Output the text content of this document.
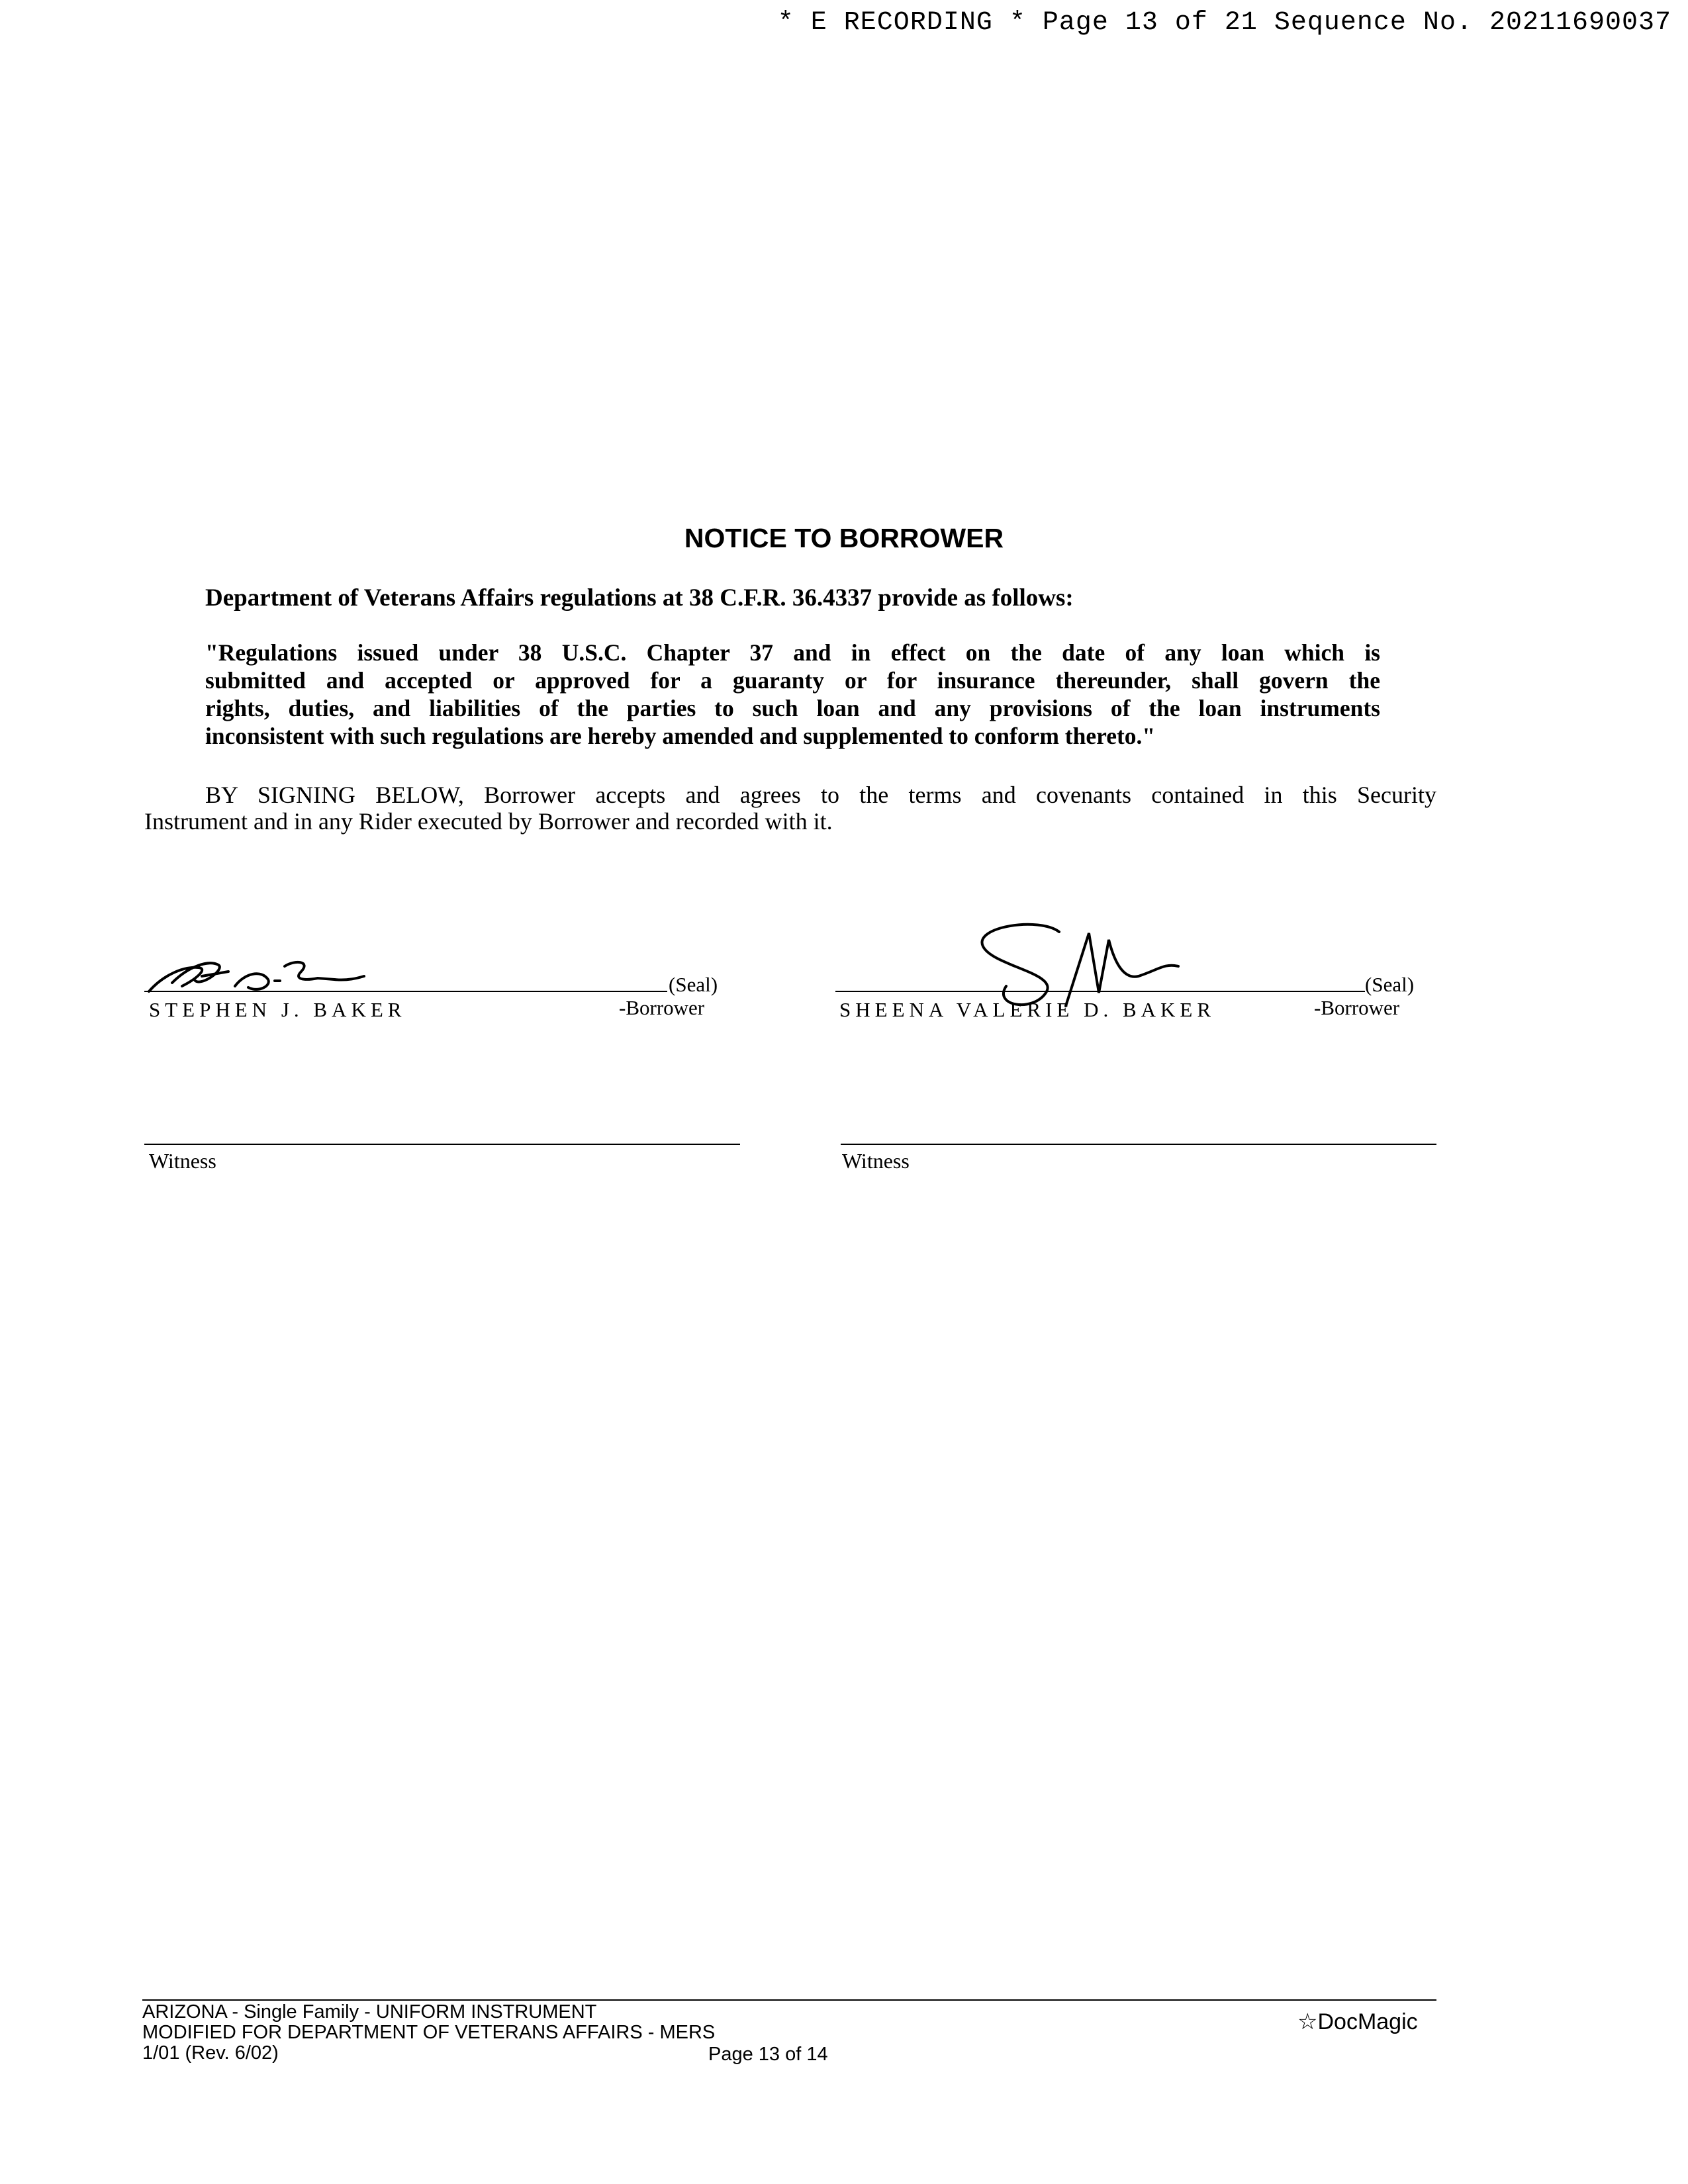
* E RECORDING * Page 13 of 21 Sequence No. 20211690037
NOTICE TO BORROWER
Department of Veterans Affairs regulations at 38 C.F.R. 36.4337 provide as follows:
"Regulations issued under 38 U.S.C. Chapter 37 and in effect on the date of any loan which is
submitted and accepted or approved for a guaranty or for insurance thereunder, shall govern the
rights, duties, and liabilities of the parties to such loan and any provisions of the loan instruments
inconsistent with such regulations are hereby amended and supplemented to conform thereto."
BY SIGNING BELOW, Borrower accepts and agrees to the terms and covenants contained in this Security
Instrument and in any Rider executed by Borrower and recorded with it.
(Seal)
STEPHEN J. BAKER	-Borrower
(Seal)
SHEENA VALERIE D. BAKER	-Borrower
Witness	Witness
ARIZONA - Single Family - UNIFORM INSTRUMENT
MODIFIED FOR DEPARTMENT OF VETERANS AFFAIRS - MERS
1/01 (Rev. 6/02)	Page 13 of 14
☆DocMagic
